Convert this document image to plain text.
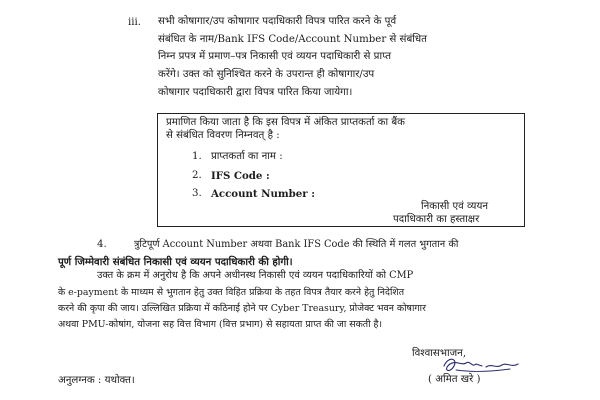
iii. सभी कोषागार/उप कोषागार पदाधिकारी विपत्र पारित करने के पूर्व
संबंधित के नाम/Bank IFS Code/Account Number से संबंधित
निम्न प्रपत्र में प्रमाण–पत्र निकासी एवं व्ययन पदाधिकारी से प्राप्त
करेंगे। उक्त को सुनिश्चित करने के उपरान्त ही कोषागार/उप
कोषागार पदाधिकारी द्वारा विपत्र पारित किया जायेगा।
प्रमाणित किया जाता है कि इस विपत्र में अंकित प्राप्तकर्ता का बैंक
से संबंधित विवरण निम्नवत् है :
1. प्राप्तकर्ता का नाम :
2. IFS Code :
3. Account Number :
निकासी एवं व्ययन
पदाधिकारी का हस्ताक्षर
4.	त्रुटिपूर्ण Account Number अथवा Bank IFS Code की स्थिति में गलत भुगतान की
पूर्ण जिम्मेवारी संबंधित निकासी एवं व्ययन पदाधिकारी की होगी।
उक्त के क्रम में अनुरोध है कि अपने अधीनस्थ निकासी एवं व्ययन पदाधिकारियों को CMP
के e-payment के माध्यम से भुगतान हेतु उक्त विहित प्रक्रिया के तहत विपत्र तैयार करने हेतु निदेशित
करने की कृपा की जाय। उल्लिखित प्रक्रिया में कठिनाई होने पर Cyber Treasury, प्रोजेक्ट भवन कोषागार
अथवा PMU-कोषांग, योजना सह वित्त विभाग (वित्त प्रभाग) से सहायता प्राप्त की जा सकती है।
विश्वासभाजन,
( अमित खरे )
अनुलग्नक : यथोक्त।
